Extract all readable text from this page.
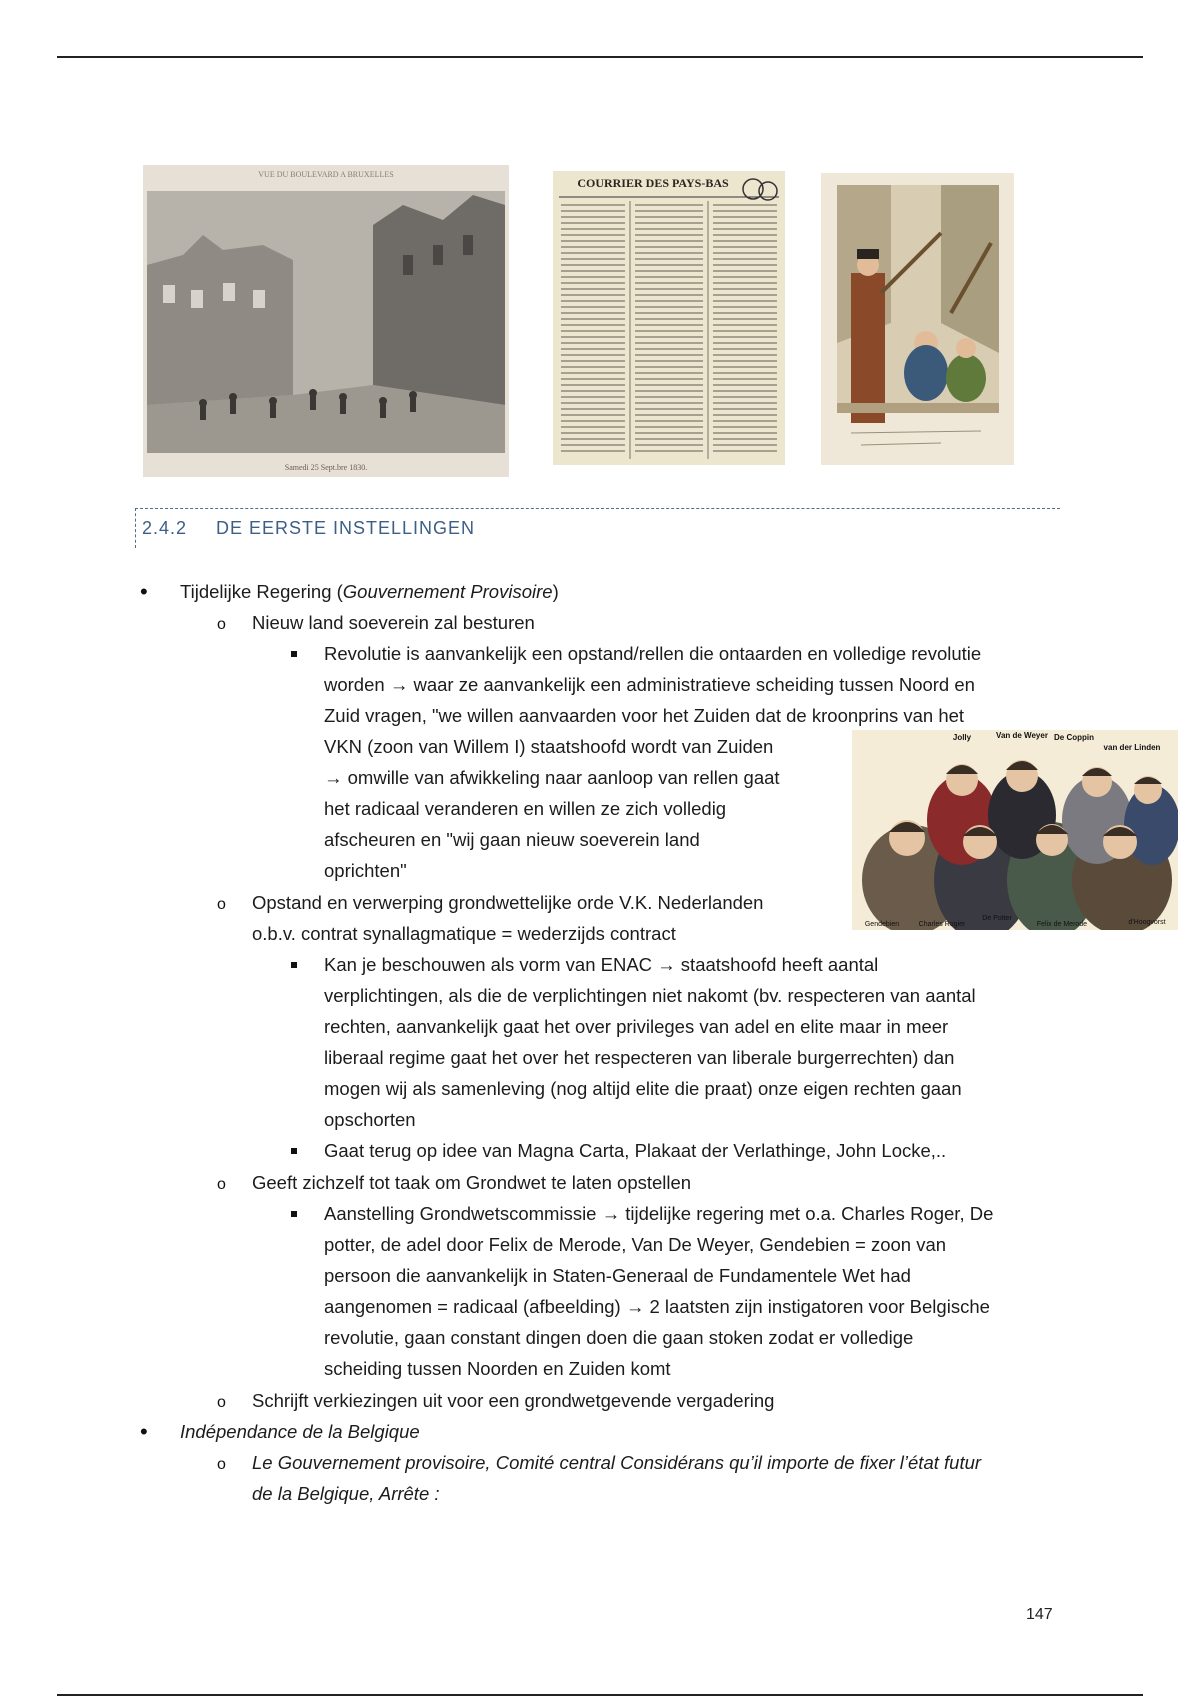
VUE DU BOULEVARD A BRUXELLES
Samedi 25 Sept.bre 1830.
COURRIER DES PAYS-BAS
Jolly	Van de Weyer De Coppin
van der Linden
Gendebien	Charles Rogier
De Potter
Felix de Merode	d'Hoogvorst
2.4.2 DE EERSTE INSTELLINGEN
•
Tijdelijke Regering (Gouvernement Provisoire)
o
Nieuw land soeverein zal besturen
Revolutie is aanvankelijk een opstand/rellen die ontaarden en volledige revolutie
worden → waar ze aanvankelijk een administratieve scheiding tussen Noord en
Zuid vragen, "we willen aanvaarden voor het Zuiden dat de kroonprins van het
VKN (zoon van Willem I) staatshoofd wordt van Zuiden
→ omwille van afwikkeling naar aanloop van rellen gaat
het radicaal veranderen en willen ze zich volledig
afscheuren en "wij gaan nieuw soeverein land
oprichten"
o
Opstand en verwerping grondwettelijke orde V.K. Nederlanden
o.b.v. contrat synallagmatique = wederzijds contract
Kan je beschouwen als vorm van ENAC → staatshoofd heeft aantal
verplichtingen, als die de verplichtingen niet nakomt (bv. respecteren van aantal
rechten, aanvankelijk gaat het over privileges van adel en elite maar in meer
liberaal regime gaat het over het respecteren van liberale burgerrechten) dan
mogen wij als samenleving (nog altijd elite die praat) onze eigen rechten gaan
opschorten
Gaat terug op idee van Magna Carta, Plakaat der Verlathinge, John Locke,..
o
Geeft zichzelf tot taak om Grondwet te laten opstellen
Aanstelling Grondwetscommissie → tijdelijke regering met o.a. Charles Roger, De
potter, de adel door Felix de Merode, Van De Weyer, Gendebien = zoon van
persoon die aanvankelijk in Staten-Generaal de Fundamentele Wet had
aangenomen = radicaal (afbeelding) → 2 laatsten zijn instigatoren voor Belgische
revolutie, gaan constant dingen doen die gaan stoken zodat er volledige
scheiding tussen Noorden en Zuiden komt
o
Schrijft verkiezingen uit voor een grondwetgevende vergadering
•
Indépendance de la Belgique
o
Le Gouvernement provisoire, Comité central Considérans qu’il importe de fixer l’état futur
de la Belgique, Arrête :
147
